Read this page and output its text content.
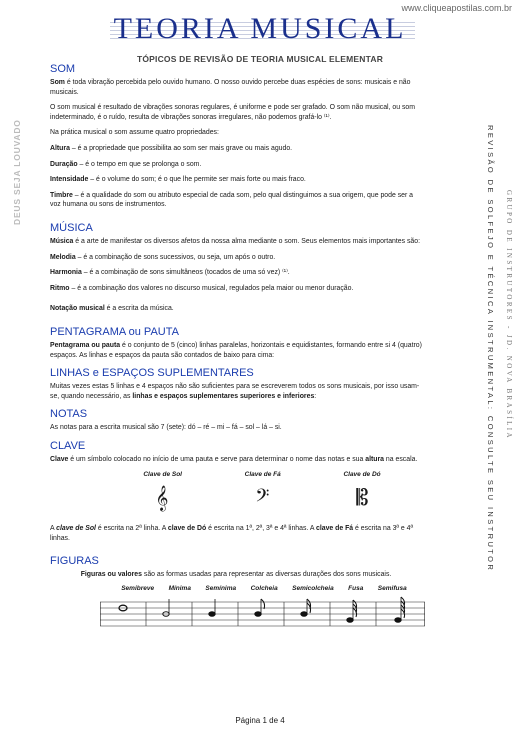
www.cliqueapostilas.com.br
TEORIA MUSICAL
TÓPICOS DE REVISÃO DE TEORIA MUSICAL ELEMENTAR
DEUS SEJA LOUVADO	REVISÃO DE SOLFEJO E TÉCNICA INSTRUMENTAL: CONSULTE SEU INSTRUTOR GRUPO DE INSTRUTORES - JD. NOVA BRASÍLIA
SOM

Som é toda vibração percebida pelo ouvido humano. O nosso ouvido percebe duas espécies de sons: musicais e não musicais.

O som musical é resultado de vibrações sonoras regulares, é uniforme e pode ser grafado. O som não musical, ou som indeterminado, é o ruído, resulta de vibrações sonoras irregulares, não podemos grafá-lo ⁽¹⁾.

Na prática musical o som assume quatro propriedades:

Altura – é a propriedade que possibilita ao som ser mais grave ou mais agudo.

Duração – é o tempo em que se prolonga o som.

Intensidade – é o volume do som; é o que lhe permite ser mais forte ou mais fraco.

Timbre – é a qualidade do som ou atributo especial de cada som, pelo qual distinguimos a sua origem, que pode ser a voz humana ou sons de instrumentos.

MÚSICA

Música é a arte de manifestar os diversos afetos da nossa alma mediante o som. Seus elementos mais importantes são:

Melodia – é a combinação de sons sucessivos, ou seja, um após o outro.

Harmonia – é a combinação de sons simultâneos (tocados de uma só vez) ⁽¹⁾.

Ritmo – é a combinação dos valores no discurso musical, regulados pela maior ou menor duração.

Notação musical é a escrita da música.

PENTAGRAMA ou PAUTA

Pentagrama ou pauta é o conjunto de 5 (cinco) linhas paralelas, horizontais e equidistantes, formando entre si 4 (quatro) espaços. As linhas e espaços da pauta são contados de baixo para cima:

LINHAS e ESPAÇOS SUPLEMENTARES

Muitas vezes estas 5 linhas e 4 espaços não são suficientes para se escreverem todos os sons musicais, por isso usam-se, quando necessário, as linhas e espaços suplementares superiores e inferiores:

NOTAS

As notas para a escrita musical são 7 (sete): dó – ré – mi – fá – sol – lá – si.

CLAVE

Clave é um símbolo colocado no início de uma pauta e serve para determinar o nome das notas e sua altura na escala.

Clave de Sol	Clave de Fá	Clave de Dó
𝄞	𝄢	𝄡

A clave de Sol é escrita na 2ª linha. A clave de Dó é escrita na 1ª, 2ª, 3ª e 4ª linhas. A clave de Fá é escrita na 3ª e 4ª linhas.

FIGURAS

Figuras ou valores são as formas usadas para representar as diversas durações dos sons musicais.

Semibreve Mínima Semínima Colcheia Semicolcheia Fusa Semifusa
Página 1 de 4
